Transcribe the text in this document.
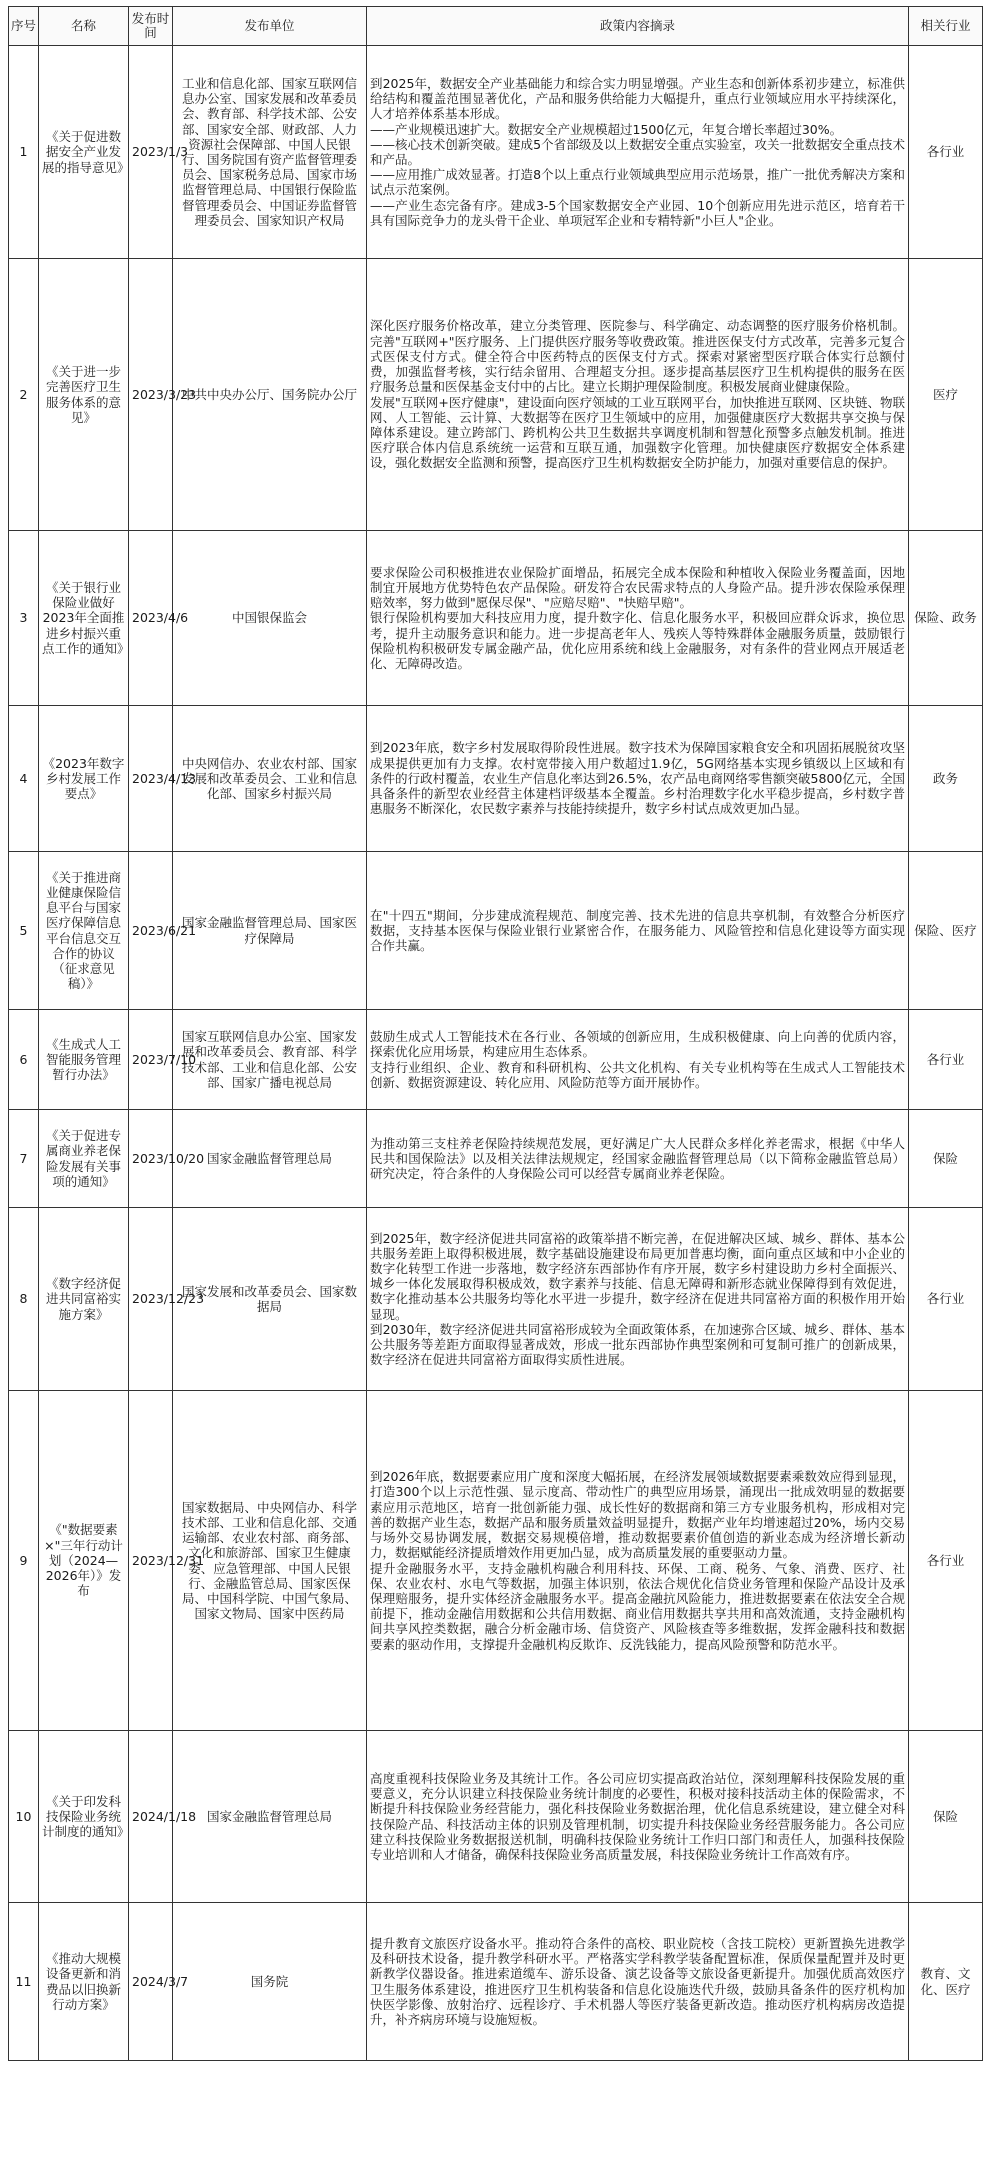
序号	名称	发布时间	发布单位	政策内容摘录	相关行业
1	《关于促进数据安全产业发展的指导意见》	2023/1/3	工业和信息化部、国家互联网信息办公室、国家发展和改革委员会、教育部、科学技术部、公安部、国家安全部、财政部、人力资源社会保障部、中国人民银行、国务院国有资产监督管理委员会、国家税务总局、国家市场监督管理总局、中国银行保险监督管理委员会、中国证券监督管理委员会、国家知识产权局	到2025年，数据安全产业基础能力和综合实力明显增强。产业生态和创新体系初步建立，标准供给结构和覆盖范围显著优化，产品和服务供给能力大幅提升，重点行业领域应用水平持续深化，人才培养体系基本形成。
——产业规模迅速扩大。数据安全产业规模超过1500亿元，年复合增长率超过30%。
——核心技术创新突破。建成5个省部级及以上数据安全重点实验室，攻关一批数据安全重点技术和产品。
——应用推广成效显著。打造8个以上重点行业领域典型应用示范场景，推广一批优秀解决方案和试点示范案例。
——产业生态完备有序。建成3-5个国家数据安全产业园、10个创新应用先进示范区，培育若干具有国际竞争力的龙头骨干企业、单项冠军企业和专精特新"小巨人"企业。	各行业
2	《关于进一步完善医疗卫生服务体系的意见》	2023/3/23	中共中央办公厅、国务院办公厅	深化医疗服务价格改革，建立分类管理、医院参与、科学确定、动态调整的医疗服务价格机制。完善"互联网+"医疗服务、上门提供医疗服务等收费政策。推进医保支付方式改革，完善多元复合式医保支付方式。健全符合中医药特点的医保支付方式。探索对紧密型医疗联合体实行总额付费，加强监督考核，实行结余留用、合理超支分担。逐步提高基层医疗卫生机构提供的服务在医疗服务总量和医保基金支付中的占比。建立长期护理保险制度。积极发展商业健康保险。
发展"互联网+医疗健康"，建设面向医疗领域的工业互联网平台，加快推进互联网、区块链、物联网、人工智能、云计算、大数据等在医疗卫生领域中的应用，加强健康医疗大数据共享交换与保障体系建设。建立跨部门、跨机构公共卫生数据共享调度机制和智慧化预警多点触发机制。推进医疗联合体内信息系统统一运营和互联互通，加强数字化管理。加快健康医疗数据安全体系建设，强化数据安全监测和预警，提高医疗卫生机构数据安全防护能力，加强对重要信息的保护。	医疗
3	《关于银行业保险业做好2023年全面推进乡村振兴重点工作的通知》	2023/4/6	中国银保监会	要求保险公司积极推进农业保险扩面增品，拓展完全成本保险和种植收入保险业务覆盖面，因地制宜开展地方优势特色农产品保险。研发符合农民需求特点的人身险产品。提升涉农保险承保理赔效率，努力做到"愿保尽保"、"应赔尽赔"、"快赔早赔"。
银行保险机构要加大科技应用力度，提升数字化、信息化服务水平，积极回应群众诉求，换位思考，提升主动服务意识和能力。进一步提高老年人、残疾人等特殊群体金融服务质量，鼓励银行保险机构积极研发专属金融产品，优化应用系统和线上金融服务，对有条件的营业网点开展适老化、无障碍改造。	保险、政务
4	《2023年数字乡村发展工作要点》	2023/4/13	中央网信办、农业农村部、国家发展和改革委员会、工业和信息化部、国家乡村振兴局	到2023年底，数字乡村发展取得阶段性进展。数字技术为保障国家粮食安全和巩固拓展脱贫攻坚成果提供更加有力支撑。农村宽带接入用户数超过1.9亿，5G网络基本实现乡镇级以上区域和有条件的行政村覆盖，农业生产信息化率达到26.5%，农产品电商网络零售额突破5800亿元，全国具备条件的新型农业经营主体建档评级基本全覆盖。乡村治理数字化水平稳步提高，乡村数字普惠服务不断深化，农民数字素养与技能持续提升，数字乡村试点成效更加凸显。	政务
5	《关于推进商业健康保险信息平台与国家医疗保障信息平台信息交互合作的协议（征求意见稿）》	2023/6/21	国家金融监督管理总局、国家医疗保障局	在"十四五"期间，分步建成流程规范、制度完善、技术先进的信息共享机制，有效整合分析医疗数据，支持基本医保与保险业银行业紧密合作，在服务能力、风险管控和信息化建设等方面实现合作共赢。	保险、医疗
6	《生成式人工智能服务管理暂行办法》	2023/7/10	国家互联网信息办公室、国家发展和改革委员会、教育部、科学技术部、工业和信息化部、公安部、国家广播电视总局	鼓励生成式人工智能技术在各行业、各领域的创新应用，生成积极健康、向上向善的优质内容，探索优化应用场景，构建应用生态体系。
支持行业组织、企业、教育和科研机构、公共文化机构、有关专业机构等在生成式人工智能技术创新、数据资源建设、转化应用、风险防范等方面开展协作。	各行业
7	《关于促进专属商业养老保险发展有关事项的通知》	2023/10/20	国家金融监督管理总局	为推动第三支柱养老保险持续规范发展，更好满足广大人民群众多样化养老需求，根据《中华人民共和国保险法》以及相关法律法规规定，经国家金融监督管理总局（以下简称金融监管总局）研究决定，符合条件的人身保险公司可以经营专属商业养老保险。	保险
8	《数字经济促进共同富裕实施方案》	2023/12/23	国家发展和改革委员会、国家数据局	到2025年，数字经济促进共同富裕的政策举措不断完善，在促进解决区域、城乡、群体、基本公共服务差距上取得积极进展，数字基础设施建设布局更加普惠均衡，面向重点区域和中小企业的数字化转型工作进一步落地，数字经济东西部协作有序开展，数字乡村建设助力乡村全面振兴、城乡一体化发展取得积极成效，数字素养与技能、信息无障碍和新形态就业保障得到有效促进，数字化推动基本公共服务均等化水平进一步提升，数字经济在促进共同富裕方面的积极作用开始显现。
到2030年，数字经济促进共同富裕形成较为全面政策体系，在加速弥合区域、城乡、群体、基本公共服务等差距方面取得显著成效，形成一批东西部协作典型案例和可复制可推广的创新成果，数字经济在促进共同富裕方面取得实质性进展。	各行业
9	《"数据要素×"三年行动计划（2024—2026年）》发布	2023/12/31	国家数据局、中央网信办、科学技术部、工业和信息化部、交通运输部、农业农村部、商务部、文化和旅游部、国家卫生健康委、应急管理部、中国人民银行、金融监管总局、国家医保局、中国科学院、中国气象局、国家文物局、国家中医药局	到2026年底，数据要素应用广度和深度大幅拓展，在经济发展领域数据要素乘数效应得到显现，打造300个以上示范性强、显示度高、带动性广的典型应用场景，涌现出一批成效明显的数据要素应用示范地区，培育一批创新能力强、成长性好的数据商和第三方专业服务机构，形成相对完善的数据产业生态，数据产品和服务质量效益明显提升，数据产业年均增速超过20%，场内交易与场外交易协调发展，数据交易规模倍增，推动数据要素价值创造的新业态成为经济增长新动力，数据赋能经济提质增效作用更加凸显，成为高质量发展的重要驱动力量。
提升金融服务水平，支持金融机构融合利用科技、环保、工商、税务、气象、消费、医疗、社保、农业农村、水电气等数据，加强主体识别，依法合规优化信贷业务管理和保险产品设计及承保理赔服务，提升实体经济金融服务水平。提高金融抗风险能力，推进数据要素在依法安全合规前提下，推动金融信用数据和公共信用数据、商业信用数据共享共用和高效流通，支持金融机构间共享风控类数据，融合分析金融市场、信贷资产、风险核查等多维数据，发挥金融科技和数据要素的驱动作用，支撑提升金融机构反欺诈、反洗钱能力，提高风险预警和防范水平。	各行业
10	《关于印发科技保险业务统计制度的通知》	2024/1/18	国家金融监督管理总局	高度重视科技保险业务及其统计工作。各公司应切实提高政治站位，深刻理解科技保险发展的重要意义，充分认识建立科技保险业务统计制度的必要性，积极对接科技活动主体的保险需求，不断提升科技保险业务经营能力，强化科技保险业务数据治理，优化信息系统建设，建立健全对科技保险产品、科技活动主体的识别及管理机制，切实提升科技保险业务经营服务能力。各公司应建立科技保险业务数据报送机制，明确科技保险业务统计工作归口部门和责任人，加强科技保险专业培训和人才储备，确保科技保险业务高质量发展，科技保险业务统计工作高效有序。	保险
11	《推动大规模设备更新和消费品以旧换新行动方案》	2024/3/7	国务院	提升教育文旅医疗设备水平。推动符合条件的高校、职业院校（含技工院校）更新置换先进教学及科研技术设备，提升教学科研水平。严格落实学科教学装备配置标准，保质保量配置并及时更新教学仪器设备。推进索道缆车、游乐设备、演艺设备等文旅设备更新提升。加强优质高效医疗卫生服务体系建设，推进医疗卫生机构装备和信息化设施迭代升级，鼓励具备条件的医疗机构加快医学影像、放射治疗、远程诊疗、手术机器人等医疗装备更新改造。推动医疗机构病房改造提升，补齐病房环境与设施短板。	教育、文化、医疗
